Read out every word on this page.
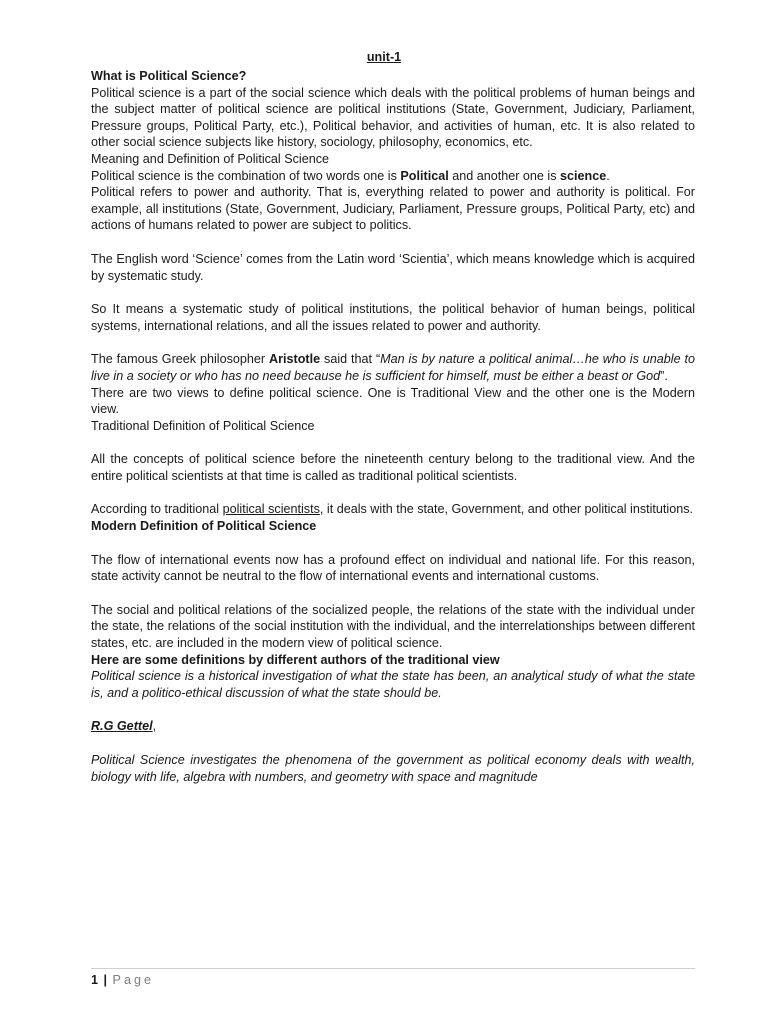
unit-1
What is Political Science?

Political science is a part of the social science which deals with the political problems of human beings and the subject matter of political science are political institutions (State, Government, Judiciary, Parliament, Pressure groups, Political Party, etc.), Political behavior, and activities of human, etc. It is also related to other social science subjects like history, sociology, philosophy, economics, etc.

Meaning and Definition of Political Science

Political science is the combination of two words one is Political and another one is science.

Political refers to power and authority. That is, everything related to power and authority is political. For example, all institutions (State, Government, Judiciary, Parliament, Pressure groups, Political Party, etc) and actions of humans related to power are subject to politics.

The English word ‘Science’ comes from the Latin word ‘Scientia’, which means knowledge which is acquired by systematic study.

So It means a systematic study of political institutions, the political behavior of human beings, political systems, international relations, and all the issues related to power and authority.

The famous Greek philosopher Aristotle said that “Man is by nature a political animal…he who is unable to live in a society or who has no need because he is sufficient for himself, must be either a beast or God”.

There are two views to define political science. One is Traditional View and the other one is the Modern view.

Traditional Definition of Political Science

All the concepts of political science before the nineteenth century belong to the traditional view. And the entire political scientists at that time is called as traditional political scientists.

According to traditional political scientists, it deals with the state, Government, and other political institutions.

Modern Definition of Political Science

The flow of international events now has a profound effect on individual and national life. For this reason, state activity cannot be neutral to the flow of international events and international customs.

The social and political relations of the socialized people, the relations of the state with the individual under the state, the relations of the social institution with the individual, and the interrelationships between different states, etc. are included in the modern view of political science.

Here are some definitions by different authors of the traditional view

Political science is a historical investigation of what the state has been, an analytical study of what the state is, and a politico-ethical discussion of what the state should be.

R.G Gettel,

Political Science investigates the phenomena of the government as political economy deals with wealth, biology with life, algebra with numbers, and geometry with space and magnitude

1 | Page
